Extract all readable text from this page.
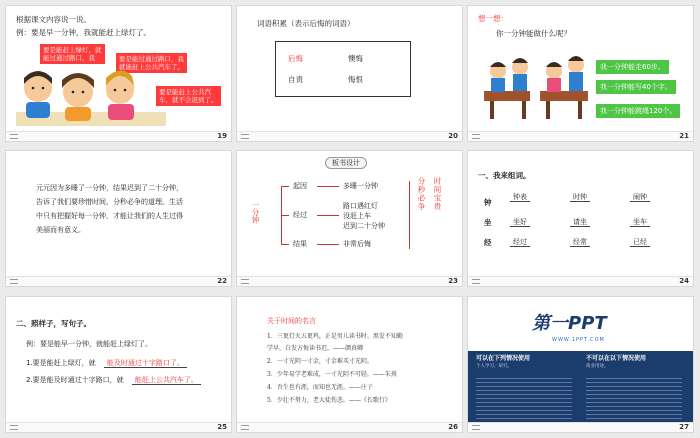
根据课文内容说一说。
例：要是早一分钟，我就能赶上绿灯了。
要是能赶上绿灯，就
能过通过路口，我	要是能过通过路口，我
就能赶上公共汽车了。
要是能赶上公共汽
车，就不会迟到了。
19
词语积累（表示后悔的词语）
后悔	懊悔
自责	悔恨
20
想一想：
你一分钟能做什么呢？
我一分钟能走60步。
我一分钟能写40个字。
我一分钟能跳绳120个。
21
元元因为多睡了一分钟，结果迟到了二十分钟，
告诉了我们要珍惜时间，分秒必争的道理。生活
中只有把握好每一分钟，才能让我们的人生过得
美丽而有意义。
22
板书设计
一分钟
起因
经过
结果
多睡一分钟
路口遇红灯
没赶上车
迟到二十分钟
非常后悔
分秒必争 时间宝贵
23
一、我来组词。
钟
钟表	时钟	闹钟
坐	坐好	请坐	坐车
经	经过	经常	已经
24
二、照样子，写句子。
例：要是能早一分钟，就能赶上绿灯了。
1.要是能赶上绿灯，就 能及时通过十字路口了。
2.要是能及时通过十字路口，就 能赶上公共汽车了。
25
关于时间的名言
1．三更灯火五更鸡，正是男儿读书时。黑发不知勤
学早，白发方悔读书迟。——颜真卿
2．一寸光阴一寸金，寸金难买寸光阴。
3．少年易学老难成，一寸光阴不可轻。——朱熹
4．吾生也有涯，而知也无涯。——庄子
5．少壮不努力，老大徒伤悲。——《长歌行》
26
第一PPT
WWW.1PPT.COM
可以在下列情况使用	不可以在以下情况使用
个人学习、研究。	商业用途。
27
